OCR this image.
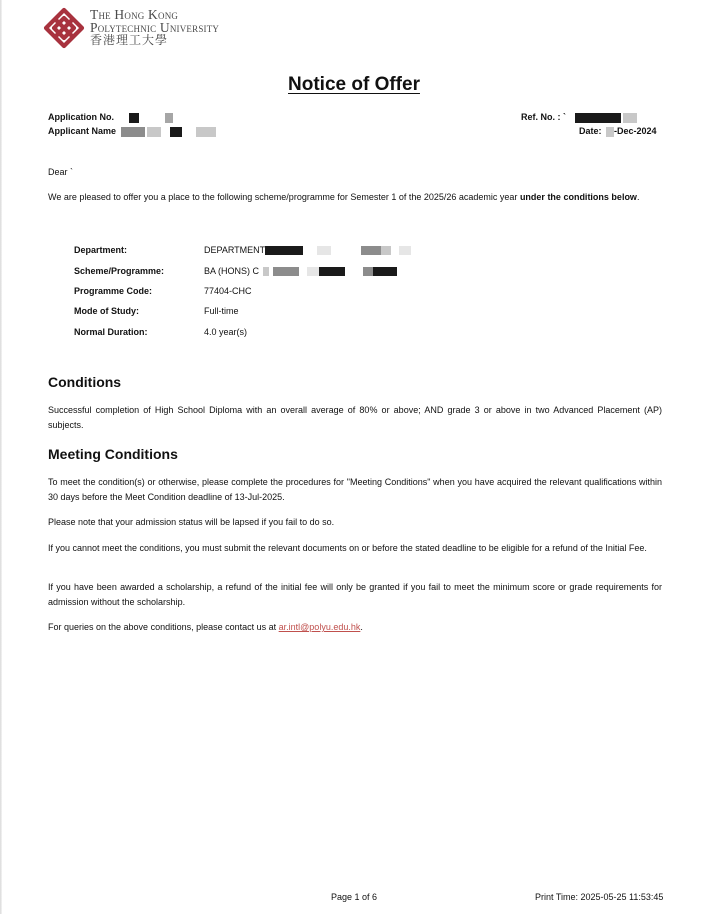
The Hong Kong
Polytechnic University
香港理工大學
Notice of Offer
Application No.
Applicant Name
Ref. No. : `
Date: -Dec-2024
Dear `
We are pleased to offer you a place to the following scheme/programme for Semester 1 of the 2025/26 academic year under the conditions below.
Department:	DEPARTMENT
Scheme/Programme:	BA (HONS) C
Programme Code:	77404-CHC
Mode of Study:	Full-time
Normal Duration:	4.0 year(s)
Conditions
Successful completion of High School Diploma with an overall average of 80% or above; AND grade 3 or above in two Advanced Placement (AP) subjects.
Meeting Conditions
To meet the condition(s) or otherwise, please complete the procedures for "Meeting Conditions" when you have acquired the relevant qualifications within 30 days before the Meet Condition deadline of 13-Jul-2025.
Please note that your admission status will be lapsed if you fail to do so.
If you cannot meet the conditions, you must submit the relevant documents on or before the stated deadline to be eligible for a refund of the Initial Fee.
If you have been awarded a scholarship, a refund of the initial fee will only be granted if you fail to meet the minimum score or grade requirements for admission without the scholarship.
For queries on the above conditions, please contact us at ar.intl@polyu.edu.hk.
Page 1 of 6	Print Time: 2025-05-25 11:53:45
